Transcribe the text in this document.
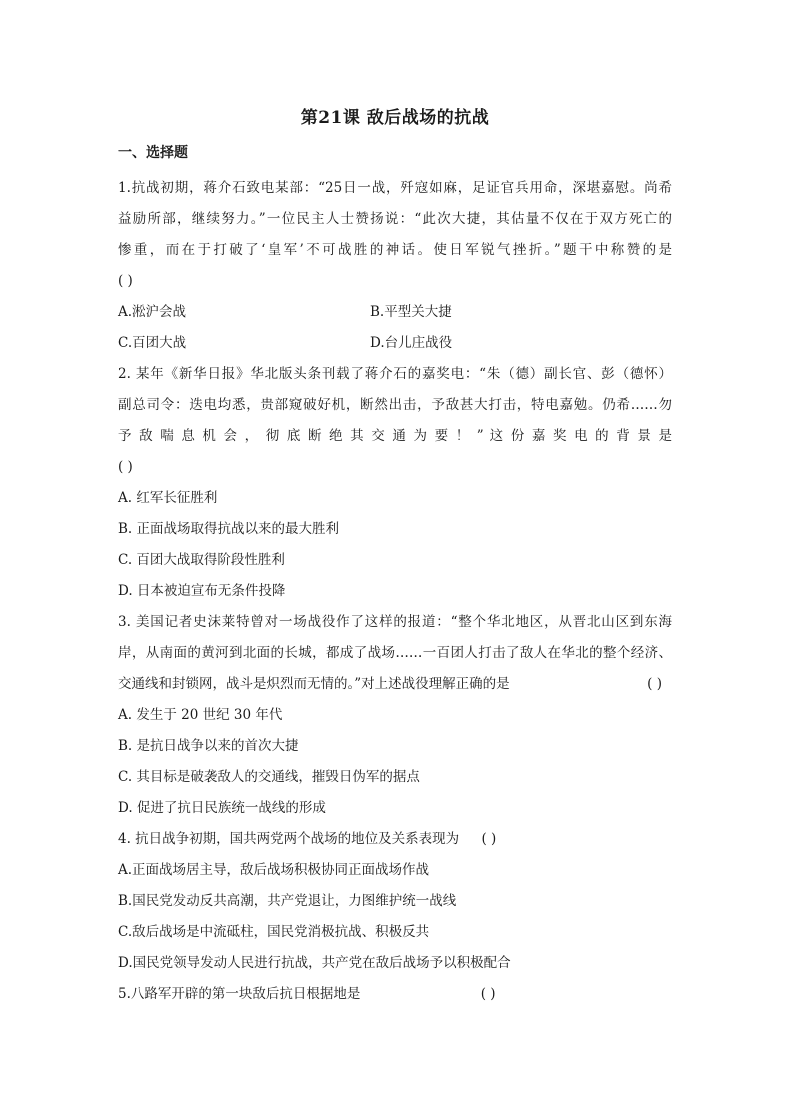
第21课 敌后战场的抗战
一、选择题
1.抗战初期，蒋介石致电某部：“25日一战，歼寇如麻，足证官兵用命，深堪嘉慰。尚希
益励所部，继续努力。”一位民主人士赞扬说：“此次大捷，其估量不仅在于双方死亡的
惨重，而在于打破了‘皇军’不可战胜的神话。使日军锐气挫折。”题干中称赞的是
( )
A.淞沪会战	B.平型关大捷
C.百团大战	D.台儿庄战役
2. 某年《新华日报》华北版头条刊载了蒋介石的嘉奖电：“朱（德）副长官、彭（德怀）
副总司令：迭电均悉，贵部窥破好机，断然出击，予敌甚大打击，特电嘉勉。仍希……勿
予 敌 喘 息 机 会 ， 彻 底 断 绝 其 交 通 为 要 ！ ” 这 份 嘉 奖 电 的 背 景 是
( )
A. 红军长征胜利
B. 正面战场取得抗战以来的最大胜利
C. 百团大战取得阶段性胜利
D. 日本被迫宣布无条件投降
3. 美国记者史沫莱特曾对一场战役作了这样的报道：“整个华北地区，从晋北山区到东海
岸，从南面的黄河到北面的长城，都成了战场……一百团人打击了敌人在华北的整个经济、
交通线和封锁网，战斗是炽烈而无情的。”对上述战役理解正确的是	( )
A. 发生于 20 世纪 30 年代
B. 是抗日战争以来的首次大捷
C. 其目标是破袭敌人的交通线，摧毁日伪军的据点
D. 促进了抗日民族统一战线的形成
4. 抗日战争初期，国共两党两个战场的地位及关系表现为 ( )
A.正面战场居主导，敌后战场积极协同正面战场作战
B.国民党发动反共高潮，共产党退让，力图维护统一战线
C.敌后战场是中流砥柱，国民党消极抗战、积极反共
D.国民党领导发动人民进行抗战，共产党在敌后战场予以积极配合
5.八路军开辟的第一块敌后抗日根据地是	( )
